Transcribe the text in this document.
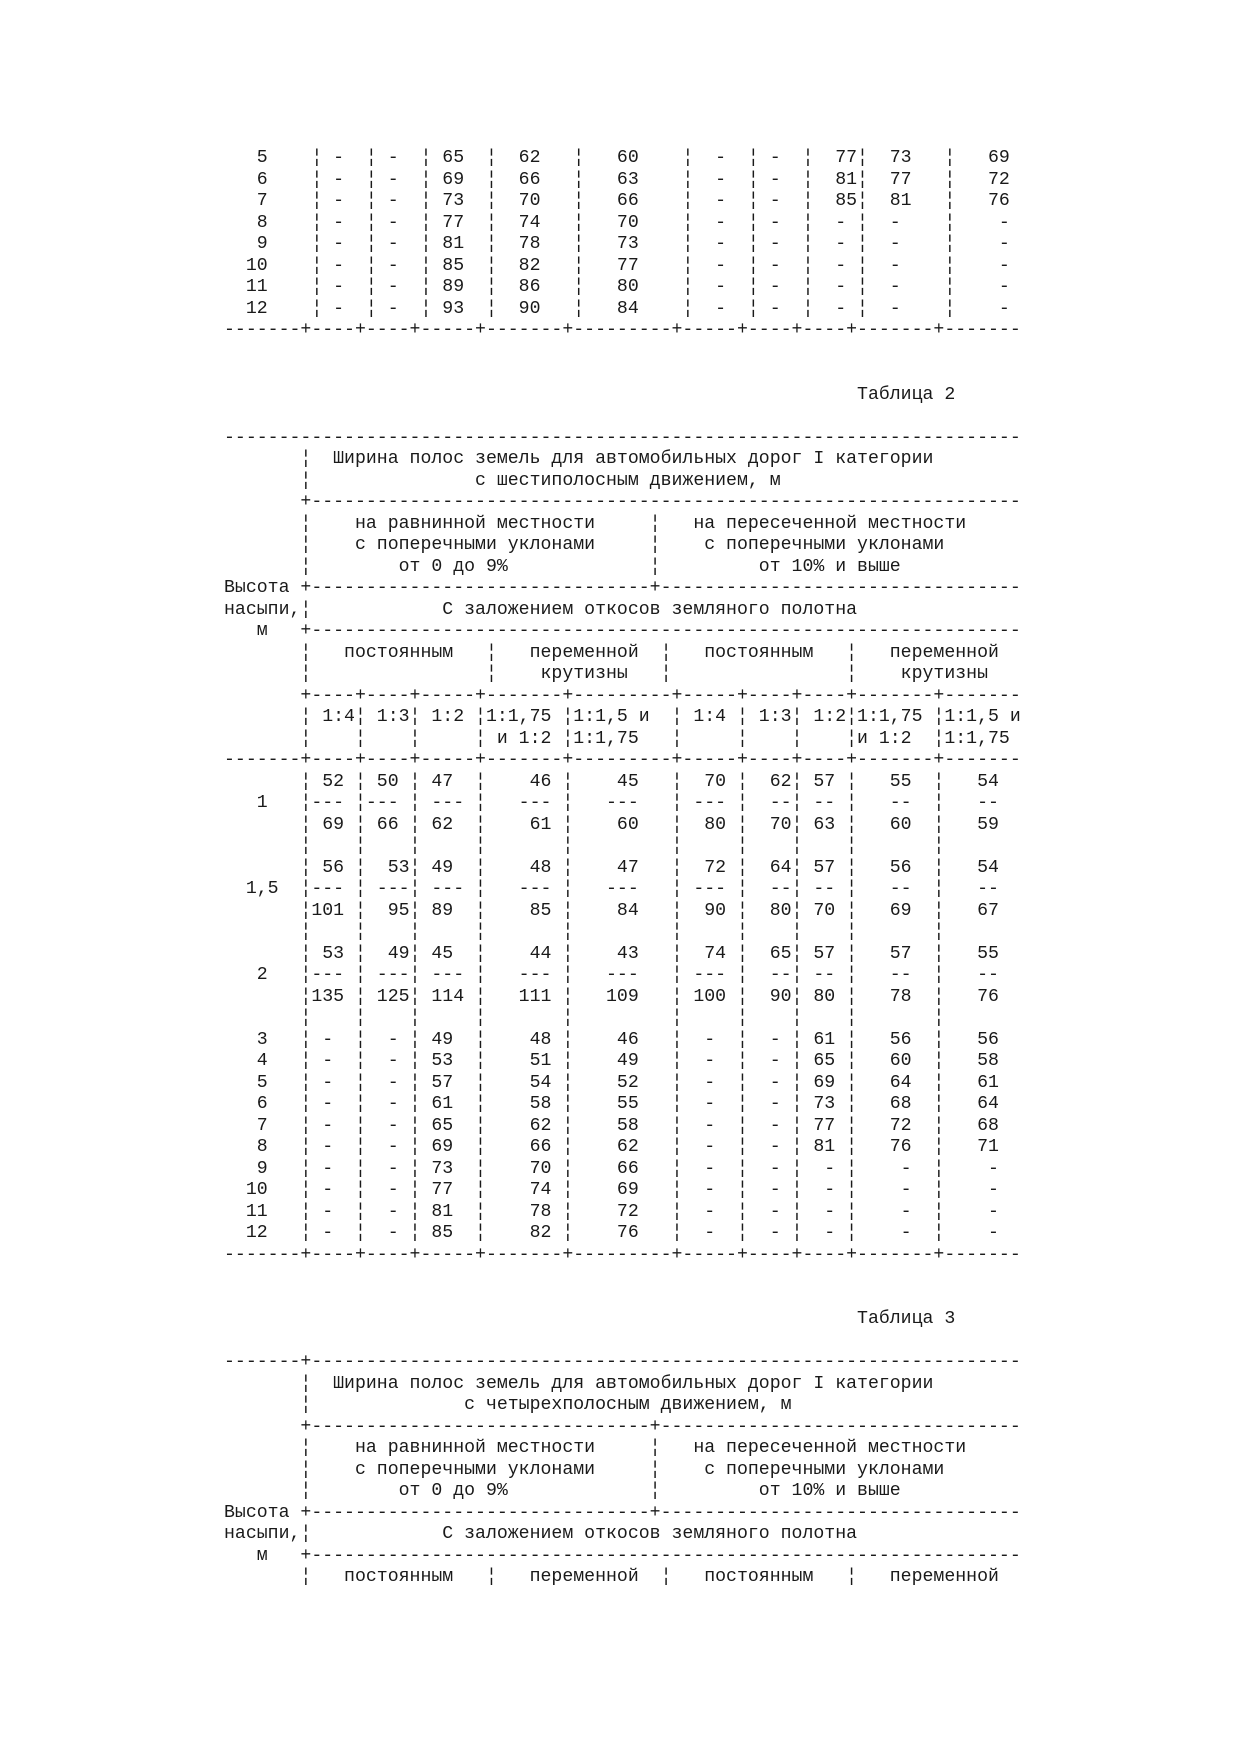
5    ¦ -  ¦ -  ¦ 65  ¦  62   ¦   60    ¦  -  ¦ -  ¦  77¦  73   ¦   69
6    ¦ -  ¦ -  ¦ 69  ¦  66   ¦   63    ¦  -  ¦ -  ¦  81¦  77   ¦   72
7    ¦ -  ¦ -  ¦ 73  ¦  70   ¦   66    ¦  -  ¦ -  ¦  85¦  81   ¦   76
8    ¦ -  ¦ -  ¦ 77  ¦  74   ¦   70    ¦  -  ¦ -  ¦  - ¦  -    ¦    -
9    ¦ -  ¦ -  ¦ 81  ¦  78   ¦   73    ¦  -  ¦ -  ¦  - ¦  -    ¦    -
10    ¦ -  ¦ -  ¦ 85  ¦  82   ¦   77    ¦  -  ¦ -  ¦  - ¦  -    ¦    -
11    ¦ -  ¦ -  ¦ 89  ¦  86   ¦   80    ¦  -  ¦ -  ¦  - ¦  -    ¦    -
12    ¦ -  ¦ -  ¦ 93  ¦  90   ¦   84    ¦  -  ¦ -  ¦  - ¦  -    ¦    -
-------+----+----+-----+-------+---------+-----+----+----+-------+-------

Таблица 2

-------------------------------------------------------------------------
¦  Ширина полос земель для автомобильных дорог I категории
¦               с шестиполосным движением, м
+-----------------------------------------------------------------
¦    на равнинной местности     ¦   на пересеченной местности
¦    с поперечными уклонами     ¦    с поперечными уклонами
¦        от 0 до 9%             ¦         от 10% и выше
Высота +-------------------------------+---------------------------------
насыпи,¦            С заложением откосов земляного полотна
м   +-----------------------------------------------------------------
¦   постоянным   ¦   переменной  ¦   постоянным   ¦   переменной
¦                ¦    крутизны   ¦                ¦    крутизны
+----+----+-----+-------+---------+-----+----+----+-------+-------
¦ 1:4¦ 1:3¦ 1:2 ¦1:1,75 ¦1:1,5 и  ¦ 1:4 ¦ 1:3¦ 1:2¦1:1,75 ¦1:1,5 и
¦    ¦    ¦     ¦ и 1:2 ¦1:1,75   ¦     ¦    ¦    ¦и 1:2  ¦1:1,75
-------+----+----+-----+-------+---------+-----+----+----+-------+-------
¦ 52 ¦ 50 ¦ 47  ¦    46 ¦    45   ¦  70 ¦  62¦ 57 ¦   55  ¦   54
1   ¦--- ¦--- ¦ --- ¦   --- ¦   ---   ¦ --- ¦  --¦ -- ¦   --  ¦   --
¦ 69 ¦ 66 ¦ 62  ¦    61 ¦    60   ¦  80 ¦  70¦ 63 ¦   60  ¦   59
¦    ¦    ¦     ¦       ¦         ¦     ¦    ¦    ¦       ¦
¦ 56 ¦  53¦ 49  ¦    48 ¦    47   ¦  72 ¦  64¦ 57 ¦   56  ¦   54
1,5  ¦--- ¦ ---¦ --- ¦   --- ¦   ---   ¦ --- ¦  --¦ -- ¦   --  ¦   --
¦101 ¦  95¦ 89  ¦    85 ¦    84   ¦  90 ¦  80¦ 70 ¦   69  ¦   67
¦    ¦    ¦     ¦       ¦         ¦     ¦    ¦    ¦       ¦
¦ 53 ¦  49¦ 45  ¦    44 ¦    43   ¦  74 ¦  65¦ 57 ¦   57  ¦   55
2   ¦--- ¦ ---¦ --- ¦   --- ¦   ---   ¦ --- ¦  --¦ -- ¦   --  ¦   --
¦135 ¦ 125¦ 114 ¦   111 ¦   109   ¦ 100 ¦  90¦ 80 ¦   78  ¦   76
¦    ¦    ¦     ¦       ¦         ¦     ¦    ¦    ¦       ¦
3   ¦ -  ¦  - ¦ 49  ¦    48 ¦    46   ¦  -  ¦  - ¦ 61 ¦   56  ¦   56
4   ¦ -  ¦  - ¦ 53  ¦    51 ¦    49   ¦  -  ¦  - ¦ 65 ¦   60  ¦   58
5   ¦ -  ¦  - ¦ 57  ¦    54 ¦    52   ¦  -  ¦  - ¦ 69 ¦   64  ¦   61
6   ¦ -  ¦  - ¦ 61  ¦    58 ¦    55   ¦  -  ¦  - ¦ 73 ¦   68  ¦   64
7   ¦ -  ¦  - ¦ 65  ¦    62 ¦    58   ¦  -  ¦  - ¦ 77 ¦   72  ¦   68
8   ¦ -  ¦  - ¦ 69  ¦    66 ¦    62   ¦  -  ¦  - ¦ 81 ¦   76  ¦   71
9   ¦ -  ¦  - ¦ 73  ¦    70 ¦    66   ¦  -  ¦  - ¦  - ¦    -  ¦    -
10   ¦ -  ¦  - ¦ 77  ¦    74 ¦    69   ¦  -  ¦  - ¦  - ¦    -  ¦    -
11   ¦ -  ¦  - ¦ 81  ¦    78 ¦    72   ¦  -  ¦  - ¦  - ¦    -  ¦    -
12   ¦ -  ¦  - ¦ 85  ¦    82 ¦    76   ¦  -  ¦  - ¦  - ¦    -  ¦    -
-------+----+----+-----+-------+---------+-----+----+----+-------+-------

Таблица 3

-------+-----------------------------------------------------------------
¦  Ширина полос земель для автомобильных дорог I категории
¦              с четырехполосным движением, м
+-------------------------------+---------------------------------
¦    на равнинной местности     ¦   на пересеченной местности
¦    с поперечными уклонами     ¦    с поперечными уклонами
¦        от 0 до 9%             ¦         от 10% и выше
Высота +-------------------------------+---------------------------------
насыпи,¦            С заложением откосов земляного полотна
м   +-----------------------------------------------------------------
¦   постоянным   ¦   переменной  ¦   постоянным   ¦   переменной
